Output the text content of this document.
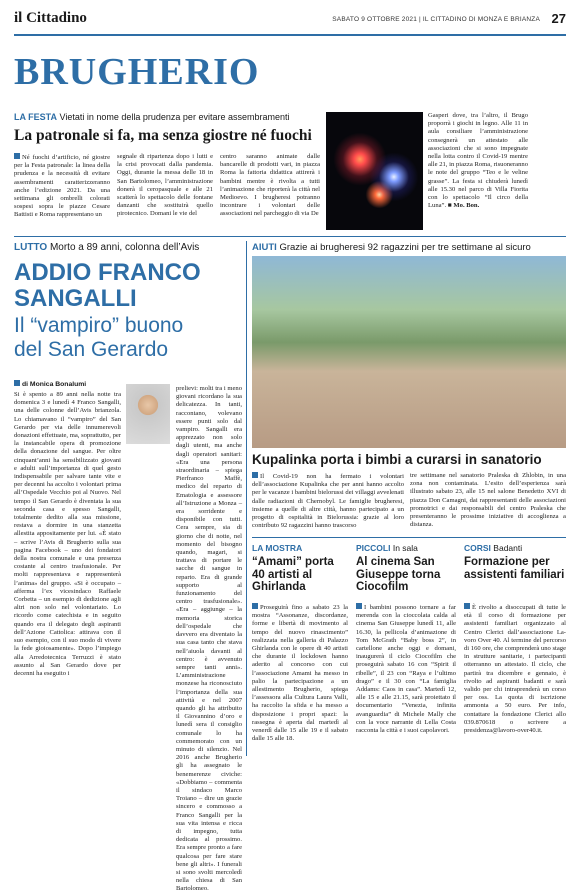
il Cittadino	SABATO 9 OTTOBRE 2021 | IL CITTADINO DI MONZA E BRIANZA 27
BRUGHERIO
LA FESTA Vietati in nome della prudenza per evitare assembramenti
La patronale si fa, ma senza giostre né fuochi

Né fuochi d’artificio, né giostre per la Festa patronale: la linea della prudenza e la necessità di evitare assembramenti caratterizzeranno anche l’edizione 2021. Da una settimana gli ombrelli colorati sospesi sopra le piazze Cesare Battisti e Roma rappresentano un

segnale di ripartenza dopo i lutti e la crisi provocati dalla pandemia. Oggi, durante la messa delle 18 in San Bartolomeo, l’amministrazione donerà il ceropasquale e alle 21 scatterà lo spettacolo delle fontane danzanti che sostituirà quello pirotecnico. Domani le vie del

centro saranno animate dalle bancarelle di prodotti vari, in piazza Roma la fattoria didattica attirerà i bambini mentre è rivolta a tutti l’animazione che riporterà la città nel Medioevo. I brugheresi potranno incontrare i volontari delle associazioni nel parcheggio di via De

Gasperi dove, tra l’altro, il Brugo proporrà i giochi in legno. Alle 11 in aula consiliare l’amministrazione consegnerà un attestato alle associazioni che si sono impegnate nella lotta contro il Covid-19 mentre alle 21, in piazza Roma, risuoneranno le note del gruppo “Teo e le veline grasse”. La festa si chiuderà lunedì alle 15.30 nel parco di Villa Fiorita con lo spettacolo “Il circo della Luna”. ■ Mo. Bon.

LUTTO Morto a 89 anni, colonna dell’Avis
ADDIO FRANCO
SANGALLI
Il “vampiro” buono
del San Gerardo
di Monica Bonalumi

Si è spento a 89 anni nella notte tra domenica 3 e lunedì 4 Franco Sangalli, una delle colonne dell’Avis brianzola. Lo chiamavano il “vampiro” del San Gerardo per via delle innumerevoli donazioni effettuate, ma, soprattutto, per la instancabile opera di promozione della donazione del sangue. Per oltre cinquant’anni ha sensibilizzato giovani e adulti sull’importanza di quel gesto indispensabile per salvare tante vite e per decenni ha accolto i volontari prima all’Ospedale Vecchio poi al Nuovo. Nel tempo il San Gerardo è diventata la sua seconda casa e spesso Sangalli, totalmente dedito alla sua missione, restava a dormire in una stanzetta allestita appositamente per lui. «È stato – scrive l’Avis di Brugherio sulla sua pagina Facebook – uno dei fondatori della nostra comunale e una presenza costante al centro trasfusionale. Per molti rappresentava e rappresenterà l’anima» del gruppo. «Si è occupato – afferma l’ex vicesindaco Raffaele Corbetta – un esempio di dedizione agli altri non solo nel volontariato. Lo ricordo come catechista e in seguito quando era il delegato degli aspiranti dell’Azione Cattolica: attirava con il suo esempio, con il suo modo di vivere la fede gioiosamente». Dopo l’impiego alla Arredotecnica Terruzzi è stato assunto al San Gerardo dove per decenni ha eseguito i

prelievi: molti tra i meno giovani ricordano la sua delicatezza. In tanti, raccontano, volevano essere punti solo dal vampiro. Sangalli era apprezzato non solo dagli utenti, ma anche dagli operatori sanitari: «Era una persona straordinaria – spiega Pierfranco Maffè, medico del reparto di Ematologia e assessore all’Istruzione a Monza – era sorridente e disponibile con tutti. Cera sempre, sia di giorno che di notte, nel momento del bisogno quando, magari, si trattava di portare le sacche di sangue in reparto. Era di grande supporto al funzionamento del centro trasfusionale». «Era – aggiunge – la memoria storica dell’ospedale che davvero era diventato la sua casa tanto che stava nell’aiuola davanti al centro: è avvenuto sempre tanti anni». L’amministrazione monzese ha riconosciuto l’importanza della sua attività e nel 2007 quando gli ha attribuito il Giovannino d’oro e lunedì sera il consiglio comunale lo ha commemorato con un minuto di silenzio. Nel 2016 anche Brugherio gli ha assegnato le benemerenze civiche: «Dobbiamo – commenta il sindaco Marco Troiano – dire un grazie sincero e commosso a Franco Sangalli per la sua vita intensa e ricca di impegno, tutta dedicata al prossimo. Era sempre pronto a fare qualcosa per fare stare bene gli altri». I funerali si sono svolti mercoledì nella chiesa di San Bartolomeo.

AIUTI Grazie ai brugheresi 92 ragazzini per tre settimane al sicuro
Kupalinka porta i bimbi a curarsi in sanatorio

Il Covid-19 non ha fermato i volontari dell’associazione Kupalinka che per anni hanno accolto per le vacanze i bambini bielorussi dei villaggi avvelenati dalle radiazioni di Chernobyl. Le famiglie brugheresi, insieme a quelle di altre città, hanno partecipato a un progetto di ospitalità in Bielorussia: grazie al loro contributo 92 ragazzini hanno trascorso

tre settimane nel sanatorio Praleska di Zhlobin, in una zona non contaminata. L’esito dell’esperienza sarà illustrato sabato 23, alle 15 nel salone Benedetto XVI di piazza Don Camagni, dai rappresentanti delle associazioni promotrici e dai responsabili del centro Praleska che presenteranno le prossime iniziative di accoglienza a distanza.

LA MOSTRA
“Amami” porta 40 artisti al Ghirlanda

Proseguirà fino a sabato 23 la mostra “Assonanze, discordanze, forme e libertà di movimento al tempo del nuovo rinascimento” realizzata nella galleria di Palazzo Ghirlanda con le opere di 40 artisti che durante il lockdown hanno aderito al concorso con cui l’associazione Amami ha messo in palio la partecipazione a un allestimento Brugherio, spiega l’assessora alla Cultura Laura Valli, ha raccolto la sfida e ha messo a disposizione i propri spazi: la rassegna è aperta dal martedì al venerdì dalle 15 alle 19 e il sabato dalle 15 alle 18.

PICCOLI In sala
Al cinema San Giuseppe torna Ciocofilm

I bambini possono tornare a far merenda con la cioccolata calda al cinema San Giuseppe lunedì 11, alle 16.30, la pellicola d’animazione di Tom McGrath “Baby boss 2”, in cartellone anche oggi e domani, inaugurerà il ciclo Ciocofilm che proseguirà sabato 16 con “Spirit il ribelle”, il 23 con “Raya e l’ultimo drago” e il 30 con “La famiglia Addams: Caos in casa”. Martedì 12, alle 15 e alle 21.15, sarà proiettato il documentario “Venezia, infinita avanguardia” di Michele Mally che con la voce narrante di Lella Costa racconta la città e i suoi capolavori.

CORSI Badanti
Formazione per assistenti familiari

È rivolto a disoccupati di tutte le età il corso di formazione per assistenti familiari organizzato al Centro Clerici dall’associazione La-voro Over 40. Al termine del percorso di 160 ore, che comprenderà uno stage in strutture sanitarie, i partecipanti otterranno un attestato. Il ciclo, che partirà tra dicembre e gennaio, è rivolto ad aspiranti badanti e sarà valido per chi intraprenderà un corso per oss. La quota di iscrizione ammonta a 50 euro. Per info, contattare la fondazione Clerici allo 039.870618 o scrivere a presidenza@lavoro-over40.it.
